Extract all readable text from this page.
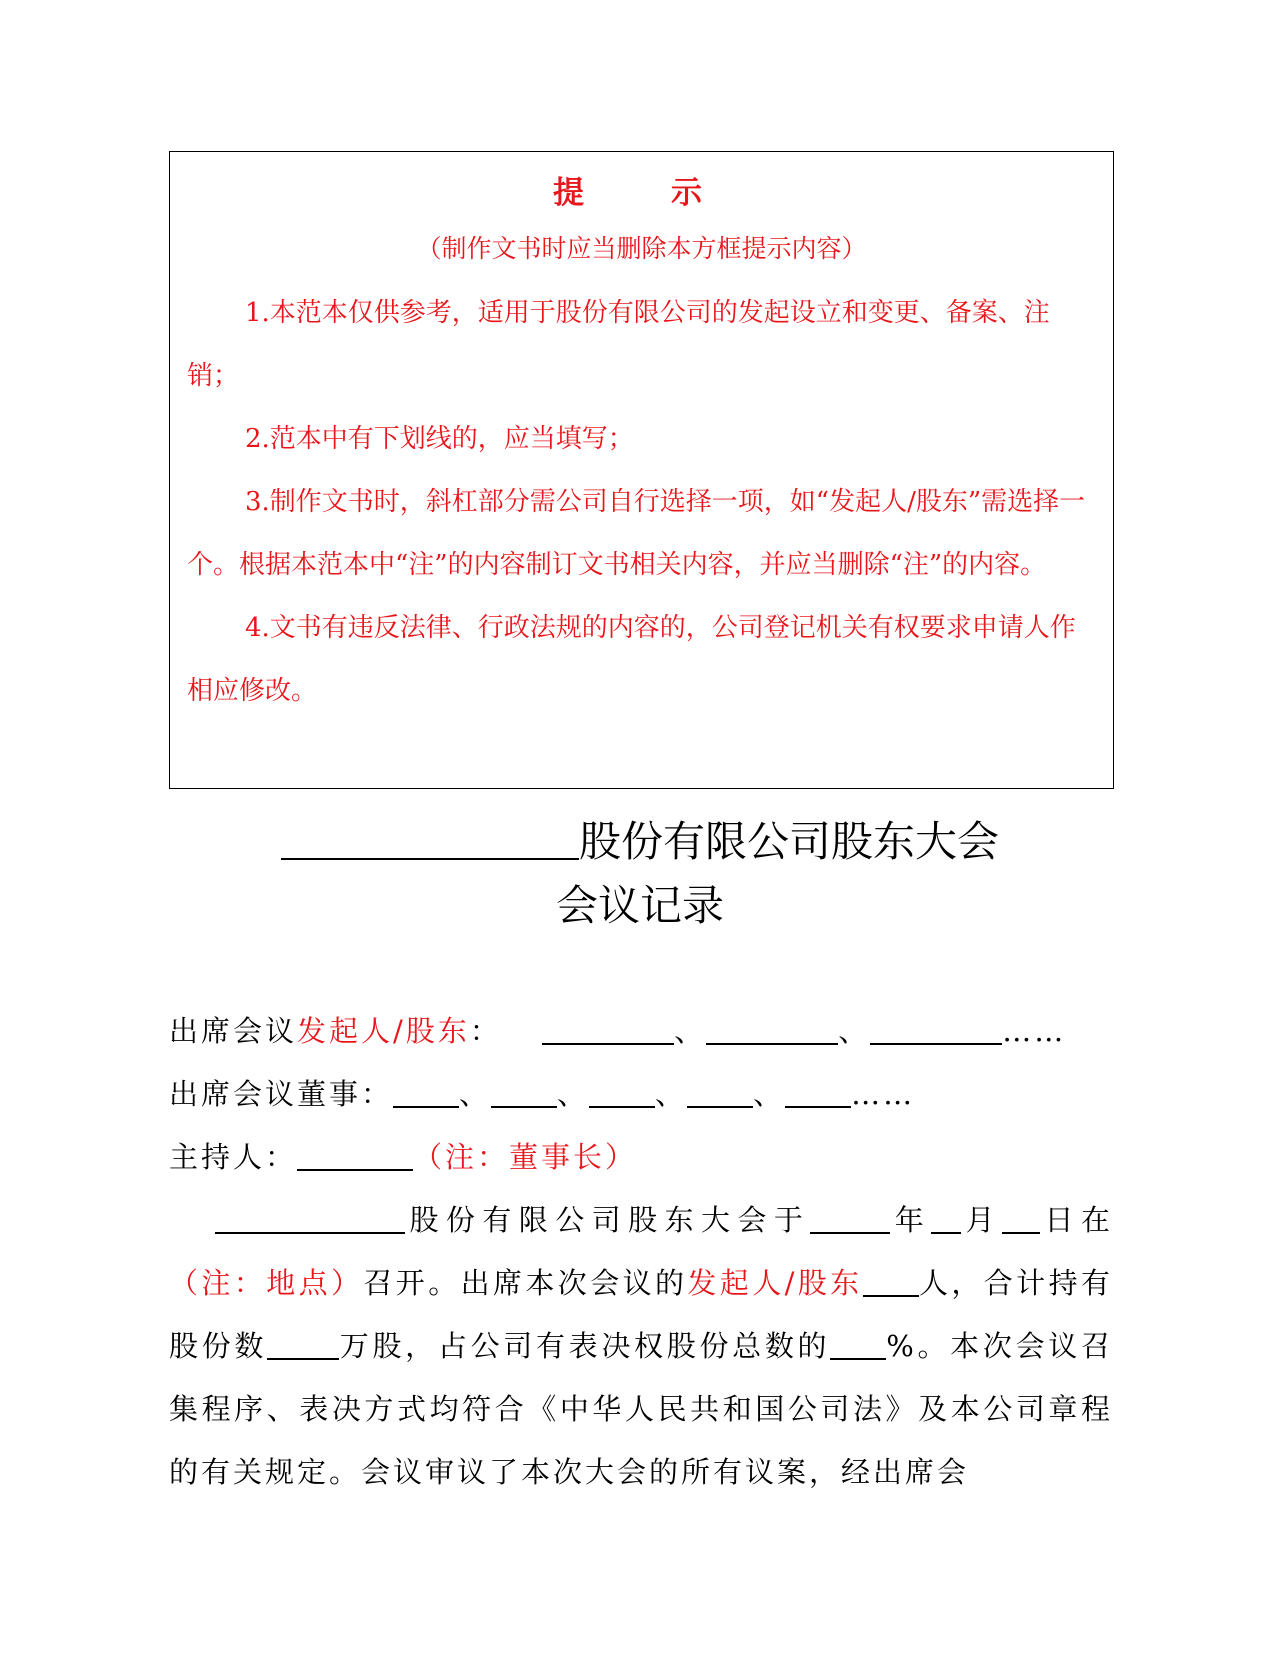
提　示
（制作文书时应当删除本方框提示内容）

1.本范本仅供参考，适用于股份有限公司的发起设立和变更、备案、注销；

2.范本中有下划线的，应当填写；

3.制作文书时，斜杠部分需公司自行选择一项，如“发起人/股东”需选择一个。根据本范本中“注”的内容制订文书相关内容，并应当删除“注”的内容。

4.文书有违反法律、行政法规的内容的，公司登记机关有权要求申请人作相应修改。

股份有限公司股东大会
会议记录
出席会议发起人/股东：	、	、	……
出席会议董事： 、 、 、 、 ……
主持人：	（注：董事长）
股份有限公司股东大会于	年 月 日在（注：地点）召开。出席本次会议的发起人/股东 人，合计持有股份数 万股，占公司有表决权股份总数的 %。本次会议召集程序、表决方式均符合《中华人民共和国公司法》及本公司章程的有关规定。会议审议了本次大会的所有议案，经出席会
